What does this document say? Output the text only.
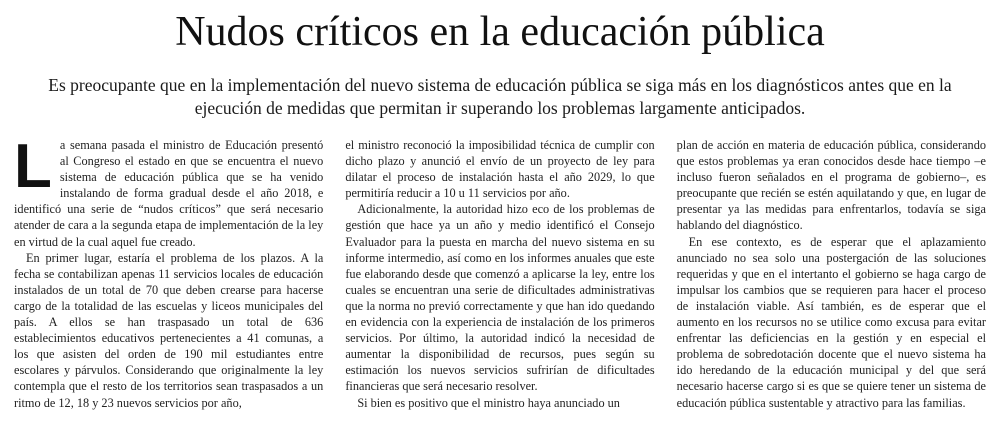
Nudos críticos en la educación pública

Es preocupante que en la implementación del nuevo sistema de educación pública se siga más en los diagnósticos antes que en la ejecución de medidas que permitan ir superando los problemas largamente anticipados.

L a semana pasada el ministro de Educación presentó al Congreso el estado en que se encuentra el nuevo sistema de educación pública que se ha venido instalando de forma gradual desde el año 2018, e identificó una serie de “nudos críticos” que será necesario atender de cara a la segunda etapa de implementación de la ley en virtud de la cual aquel fue creado.

En primer lugar, estaría el problema de los plazos. A la fecha se contabilizan apenas 11 servicios locales de educación instalados de un total de 70 que deben crearse para hacerse cargo de la totalidad de las escuelas y liceos municipales del país. A ellos se han traspasado un total de 636 establecimientos educativos pertenecientes a 41 comunas, a los que asisten del orden de 190 mil estudiantes entre escolares y párvulos. Considerando que originalmente la ley contempla que el resto de los territorios sean traspasados a un ritmo de 12, 18 y 23 nuevos servicios por año,

el ministro reconoció la imposibilidad técnica de cumplir con dicho plazo y anunció el envío de un proyecto de ley para dilatar el proceso de instalación hasta el año 2029, lo que permitiría reducir a 10 u 11 servicios por año.

Adicionalmente, la autoridad hizo eco de los problemas de gestión que hace ya un año y medio identificó el Consejo Evaluador para la puesta en marcha del nuevo sistema en su informe intermedio, así como en los informes anuales que este fue elaborando desde que comenzó a aplicarse la ley, entre los cuales se encuentran una serie de dificultades administrativas que la norma no previó correctamente y que han ido quedando en evidencia con la experiencia de instalación de los primeros servicios. Por último, la autoridad indicó la necesidad de aumentar la disponibilidad de recursos, pues según su estimación los nuevos servicios sufrirían de dificultades financieras que será necesario resolver.

Si bien es positivo que el ministro haya anunciado un

plan de acción en materia de educación pública, considerando que estos problemas ya eran conocidos desde hace tiempo –e incluso fueron señalados en el programa de gobierno–, es preocupante que recién se estén aquilatando y que, en lugar de presentar ya las medidas para enfrentarlos, todavía se siga hablando del diagnóstico.

En ese contexto, es de esperar que el aplazamiento anunciado no sea solo una postergación de las soluciones requeridas y que en el intertanto el gobierno se haga cargo de impulsar los cambios que se requieren para hacer el proceso de instalación viable. Así también, es de esperar que el aumento en los recursos no se utilice como excusa para evitar enfrentar las deficiencias en la gestión y en especial el problema de sobredotación docente que el nuevo sistema ha ido heredando de la educación municipal y del que será necesario hacerse cargo si es que se quiere tener un sistema de educación pública sustentable y atractivo para las familias.
